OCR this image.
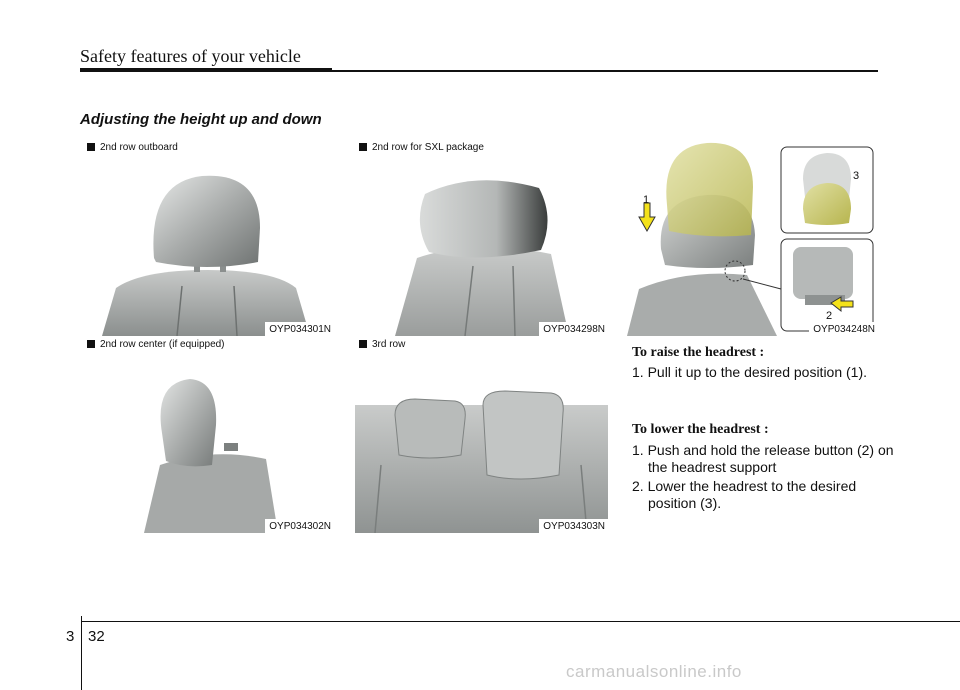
Safety features of your vehicle
Adjusting the height up and down
2nd row outboard	2nd row for SXL package
2nd row center (if equipped)	3rd row
OYP034301N	OYP034298N
1
2
3
OYP034248N
OYP034302N	OYP034303N
To raise the headrest :
1. Pull it up to the desired position (1).
To lower the headrest :
1. Push and hold the release button (2) on the headrest support
2. Lower the headrest to the desired position (3).
3 32
carmanualsonline.info
